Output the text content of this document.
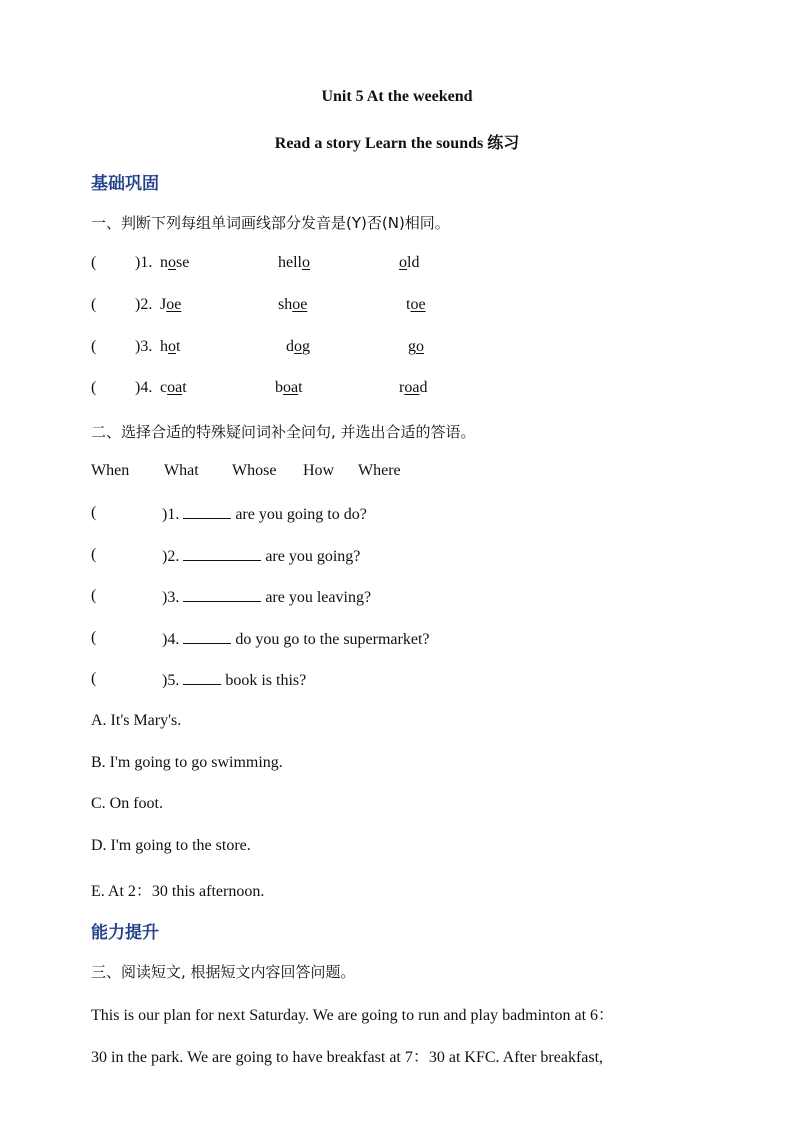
Unit 5 At the weekend
Read a story Learn the sounds 练习
基础巩固
一、判断下列每组单词画线部分发音是(Y)否(N)相同。
( )1. nose	hello	old
( )2. Joe	shoe	toe
( )3. hot	dog	go
( )4. coat	boat	road
二、选择合适的特殊疑问词补全问句, 并选出合适的答语。
When What Whose How Where
(	)1.	are you going to do?
(	)2.	are you going?
(	)3.	are you leaving?
(	)4.	do you go to the supermarket?
(	)5.  book is this?
A. It's Mary's.
B. I'm going to go swimming.
C. On foot.
D. I'm going to the store.
E. At 2：30 this afternoon.
能力提升
三、阅读短文, 根据短文内容回答问题。
This is our plan for next Saturday. We are going to run and play badminton at 6：
30 in the park. We are going to have breakfast at 7：30 at KFC. After breakfast,
